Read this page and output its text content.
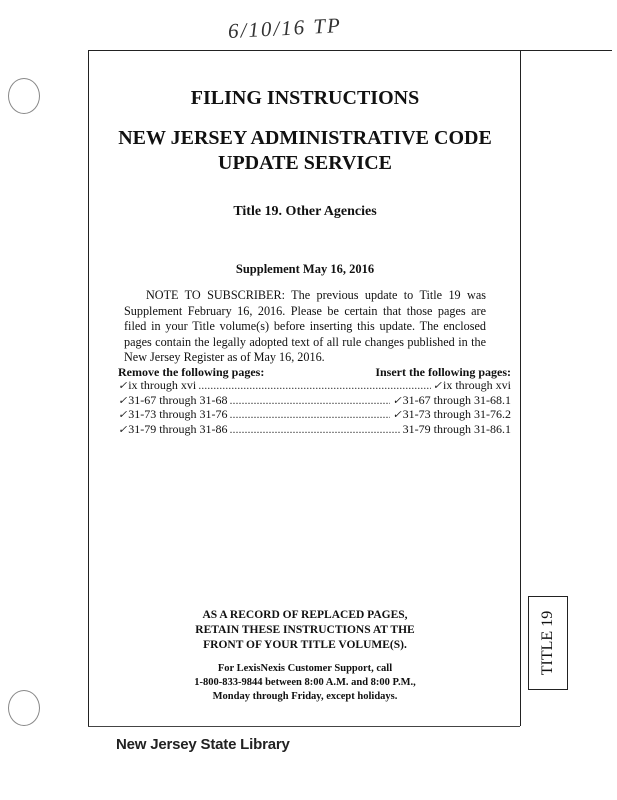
6/10/16 TP
FILING INSTRUCTIONS
NEW JERSEY ADMINISTRATIVE CODE
UPDATE SERVICE
Title 19. Other Agencies
Supplement May 16, 2016
NOTE TO SUBSCRIBER: The previous update to Title 19 was Supplement February 16, 2016. Please be certain that those pages are filed in your Title volume(s) before inserting this update. The enclosed pages contain the legally adopted text of all rule changes published in the New Jersey Register as of May 16, 2016.
Remove the following pages:	Insert the following pages:
✓ ix through xvi .....	✓ ix through xvi
✓ 31-67 through 31-68 .....	✓ 31-67 through 31-68.1
✓ 31-73 through 31-76 .....	✓ 31-73 through 31-76.2
✓ 31-79 through 31-86 .....	31-79 through 31-86.1
AS A RECORD OF REPLACED PAGES,
RETAIN THESE INSTRUCTIONS AT THE
FRONT OF YOUR TITLE VOLUME(S).
For LexisNexis Customer Support, call
1-800-833-9844 between 8:00 A.M. and 8:00 P.M.,
Monday through Friday, except holidays.
TITLE 19
New Jersey State Library
